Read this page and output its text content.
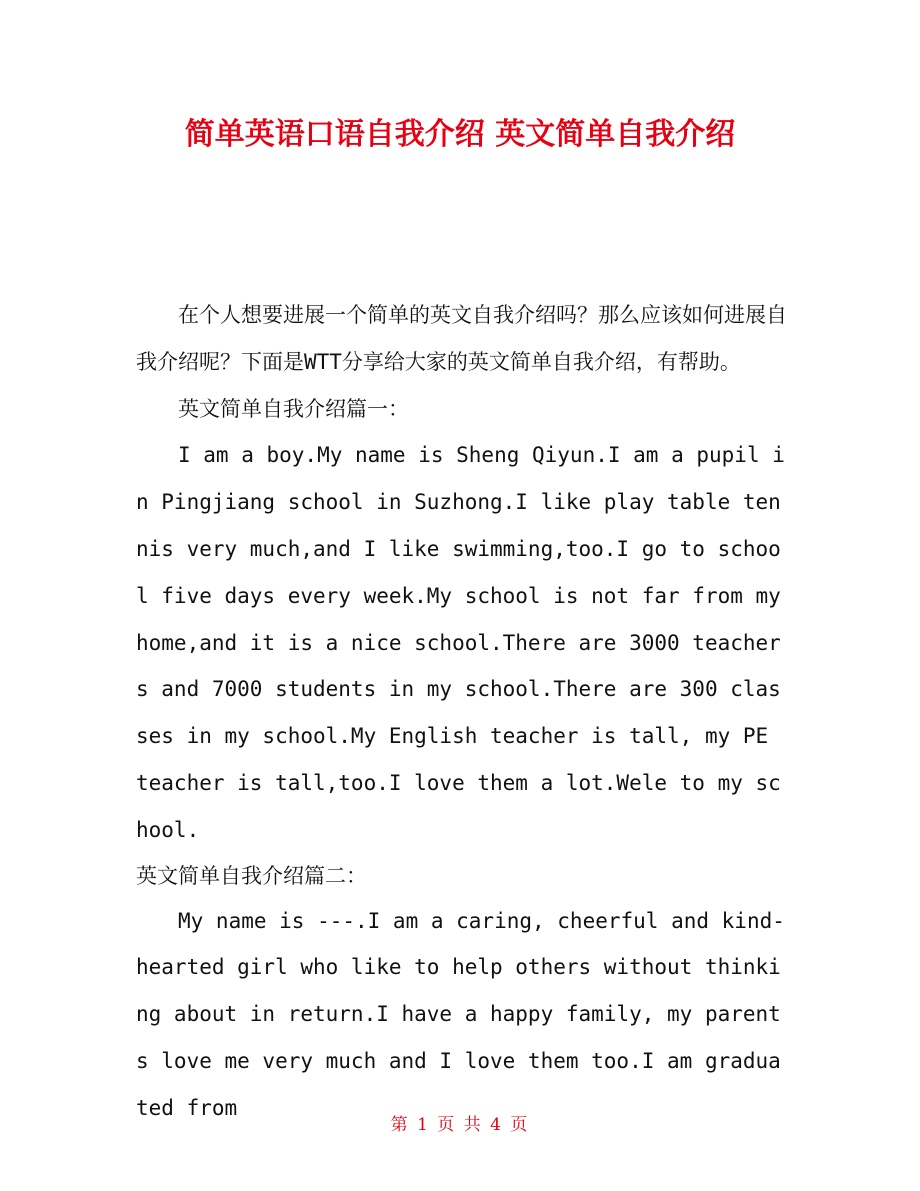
简单英语口语自我介绍 英文简单自我介绍

在个人想要进展一个简单的英文自我介绍吗？那么应该如何进展自我介绍呢？下面是WTT分享给大家的英文简单自我介绍，有帮助。

英文简单自我介绍篇一：

I am a boy.My name is Sheng Qiyun.I am a pupil in Pingjiang school in Suzhong.I like play table tennis very much,and I like swimming,too.I go to school five days every week.My school is not far from my home,and it is a nice school.There are 3000 teachers and 7000 students in my school.There are 300 classes in my school.My English teacher is tall, my PE teacher is tall,too.I love them a lot.Wele to my school.

英文简单自我介绍篇二：

My name is ---.I am a caring, cheerful and kind-hearted girl who like to help others without thinking about in return.I have a happy family, my parents love me very much and I love them too.I am graduated from

第 1 页 共 4 页
